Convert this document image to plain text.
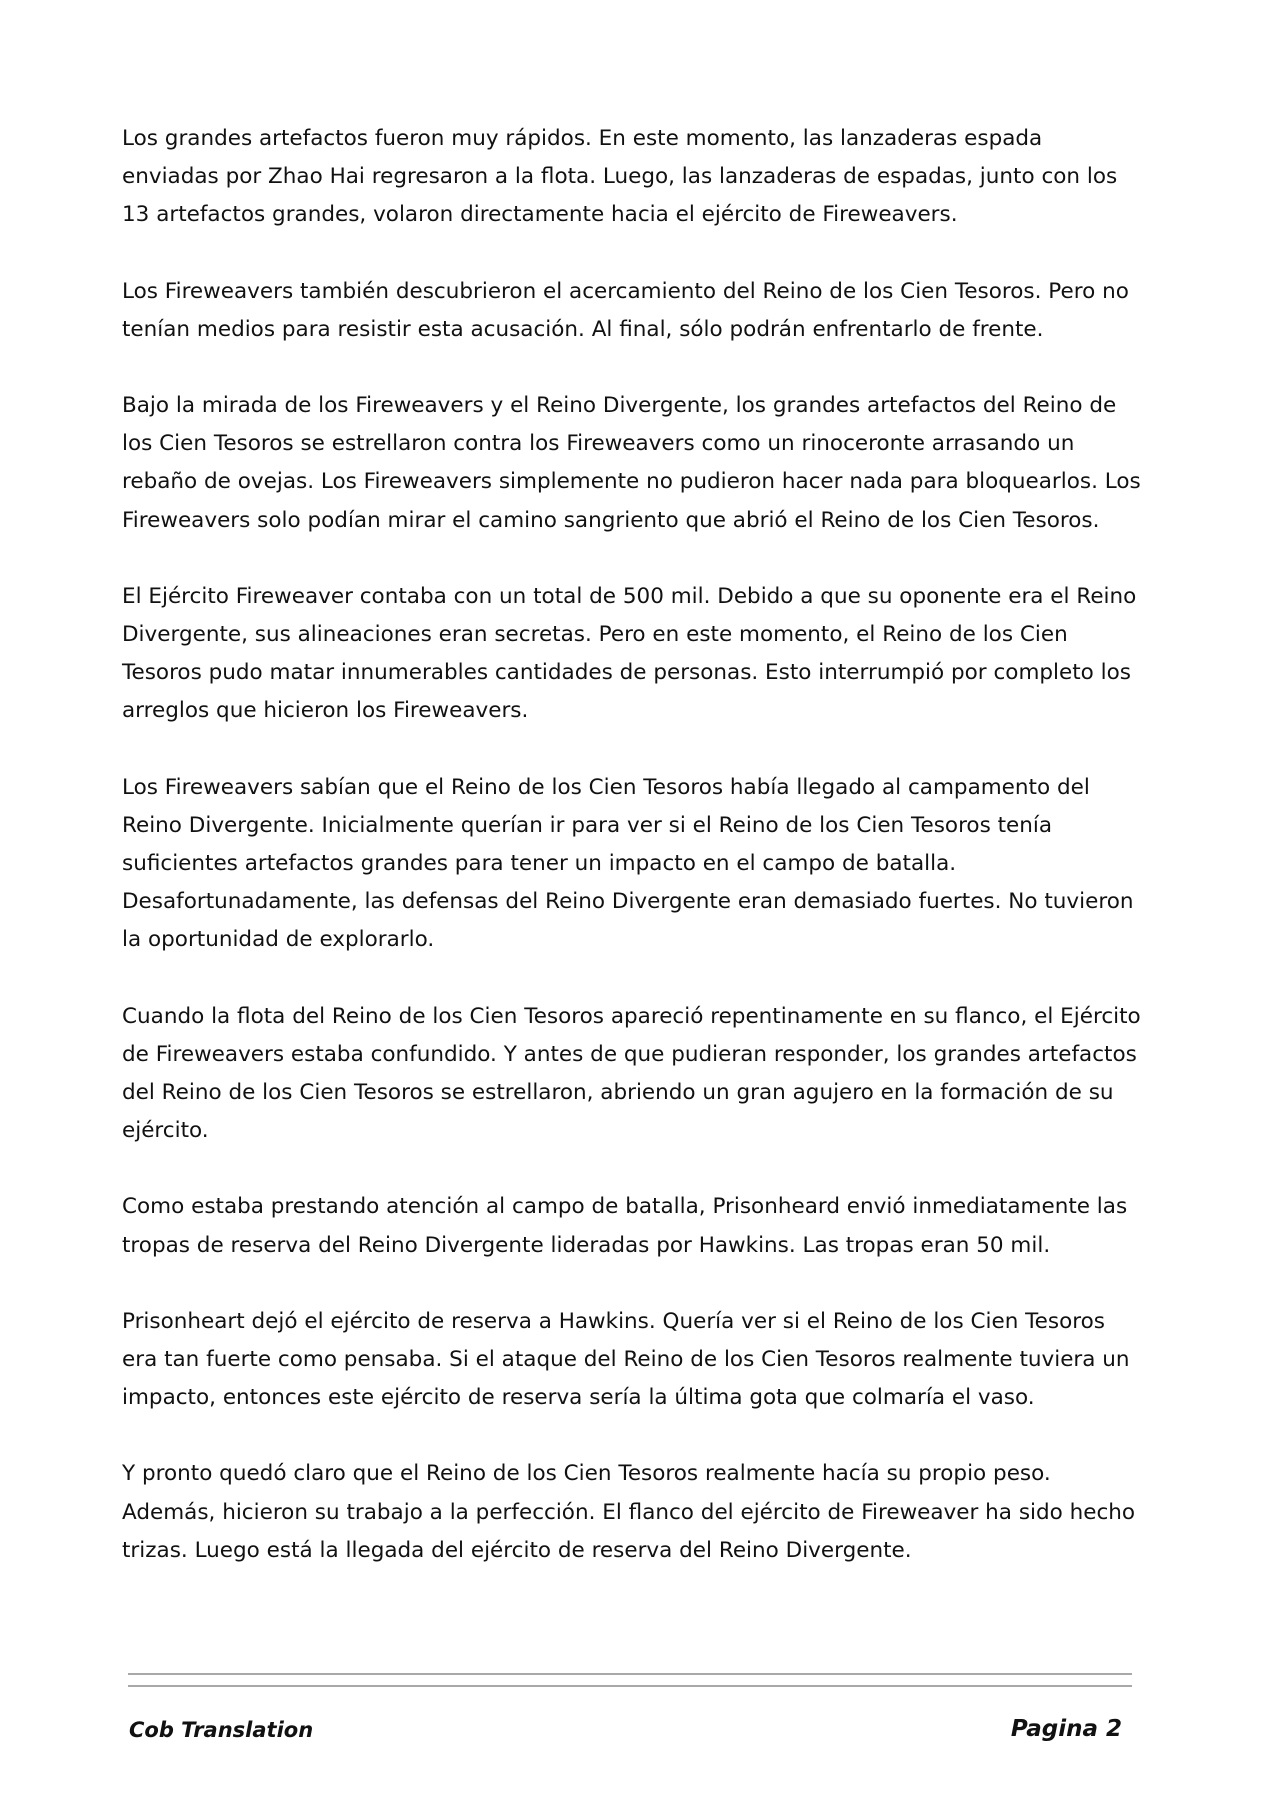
Los grandes artefactos fueron muy rápidos. En este momento, las lanzaderas espada enviadas por Zhao Hai regresaron a la flota. Luego, las lanzaderas de espadas, junto con los 13 artefactos grandes, volaron directamente hacia el ejército de Fireweavers.

Los Fireweavers también descubrieron el acercamiento del Reino de los Cien Tesoros. Pero no tenían medios para resistir esta acusación. Al final, sólo podrán enfrentarlo de frente.

Bajo la mirada de los Fireweavers y el Reino Divergente, los grandes artefactos del Reino de los Cien Tesoros se estrellaron contra los Fireweavers como un rinoceronte arrasando un rebaño de ovejas. Los Fireweavers simplemente no pudieron hacer nada para bloquearlos. Los Fireweavers solo podían mirar el camino sangriento que abrió el Reino de los Cien Tesoros.

El Ejército Fireweaver contaba con un total de 500 mil. Debido a que su oponente era el Reino Divergente, sus alineaciones eran secretas. Pero en este momento, el Reino de los Cien Tesoros pudo matar innumerables cantidades de personas. Esto interrumpió por completo los arreglos que hicieron los Fireweavers.

Los Fireweavers sabían que el Reino de los Cien Tesoros había llegado al campamento del Reino Divergente. Inicialmente querían ir para ver si el Reino de los Cien Tesoros tenía suficientes artefactos grandes para tener un impacto en el campo de batalla. Desafortunadamente, las defensas del Reino Divergente eran demasiado fuertes. No tuvieron la oportunidad de explorarlo.

Cuando la flota del Reino de los Cien Tesoros apareció repentinamente en su flanco, el Ejército de Fireweavers estaba confundido. Y antes de que pudieran responder, los grandes artefactos del Reino de los Cien Tesoros se estrellaron, abriendo un gran agujero en la formación de su ejército.

Como estaba prestando atención al campo de batalla, Prisonheard envió inmediatamente las tropas de reserva del Reino Divergente lideradas por Hawkins. Las tropas eran 50 mil.

Prisonheart dejó el ejército de reserva a Hawkins. Quería ver si el Reino de los Cien Tesoros era tan fuerte como pensaba. Si el ataque del Reino de los Cien Tesoros realmente tuviera un impacto, entonces este ejército de reserva sería la última gota que colmaría el vaso.

Y pronto quedó claro que el Reino de los Cien Tesoros realmente hacía su propio peso. Además, hicieron su trabajo a la perfección. El flanco del ejército de Fireweaver ha sido hecho trizas. Luego está la llegada del ejército de reserva del Reino Divergente.

Cob Translation	Pagina 2
